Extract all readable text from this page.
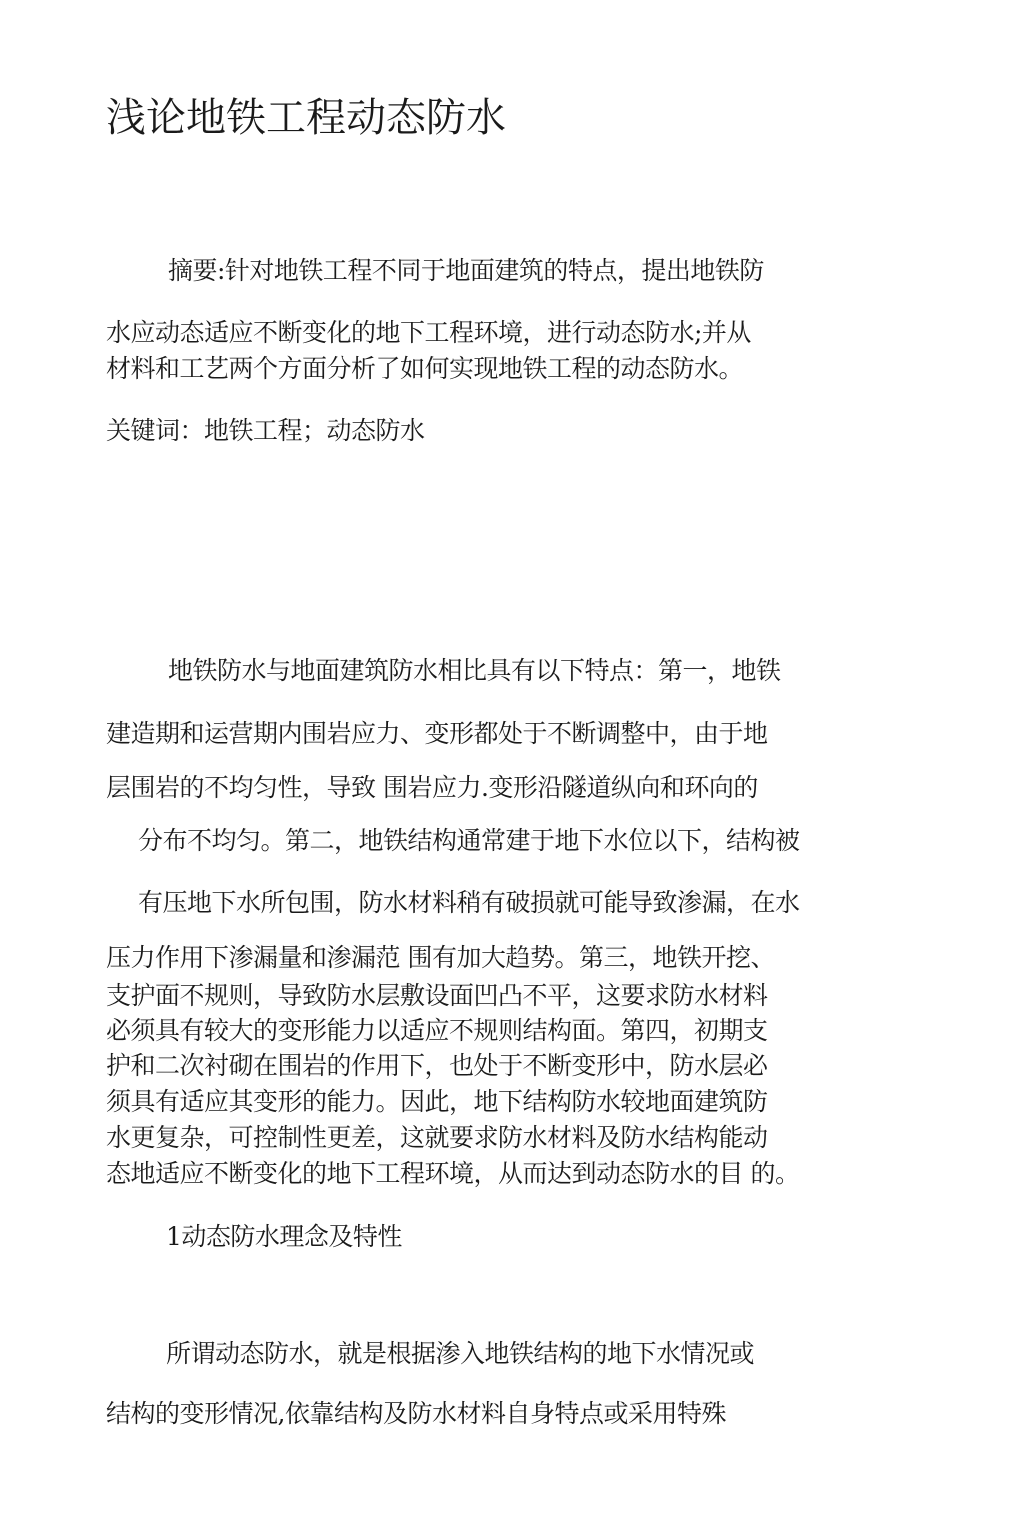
浅论地铁工程动态防水
摘要:针对地铁工程不同于地面建筑的特点，提出地铁防
水应动态适应不断变化的地下工程环境，进行动态防水;并从
材料和工艺两个方面分析了如何实现地铁工程的动态防水。
关键词：地铁工程；动态防水
地铁防水与地面建筑防水相比具有以下特点：第一，地铁
建造期和运营期内围岩应力、变形都处于不断调整中，由于地
层围岩的不均匀性，导致 围岩应力.变形沿隧道纵向和环向的
分布不均匀。第二，地铁结构通常建于地下水位以下，结构被
有压地下水所包围，防水材料稍有破损就可能导致渗漏，在水
压力作用下渗漏量和渗漏范 围有加大趋势。第三，地铁开挖、
支护面不规则，导致防水层敷设面凹凸不平，这要求防水材料
必须具有较大的变形能力以适应不规则结构面。第四，初期支
护和二次衬砌在围岩的作用下，也处于不断变形中，防水层必
须具有适应其变形的能力。因此，地下结构防水较地面建筑防
水更复杂，可控制性更差，这就要求防水材料及防水结构能动
态地适应不断变化的地下工程环境，从而达到动态防水的目 的。
1动态防水理念及特性
所谓动态防水，就是根据渗入地铁结构的地下水情况或
结构的变形情况,依靠结构及防水材料自身特点或采用特殊
